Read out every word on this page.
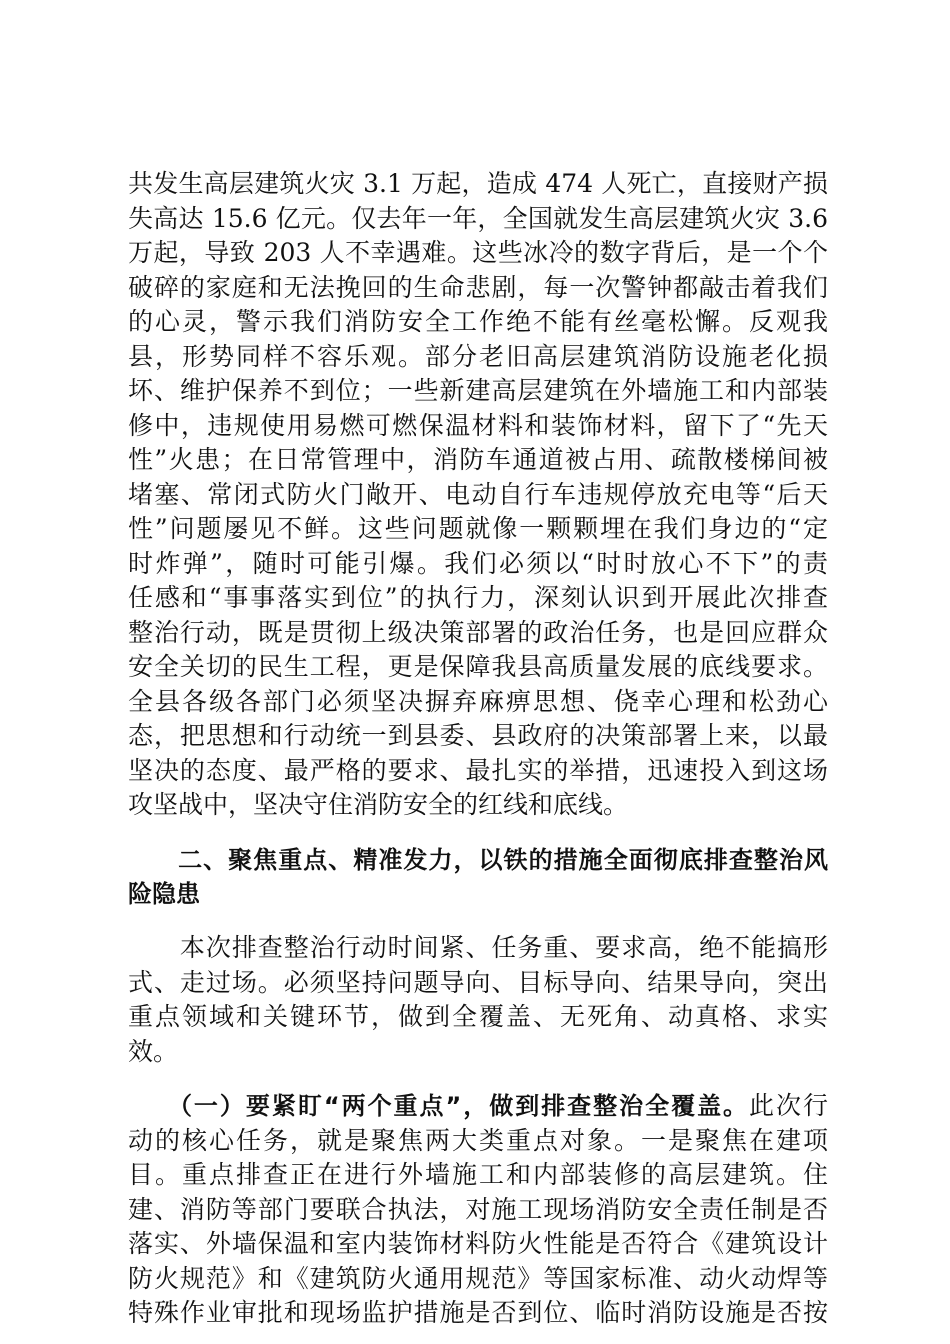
共发生高层建筑火灾 3.1 万起，造成 474 人死亡，直接财产损
失高达 15.6 亿元。仅去年一年，全国就发生高层建筑火灾 3.6
万起，导致 203 人不幸遇难。这些冰冷的数字背后，是一个个
破碎的家庭和无法挽回的生命悲剧，每一次警钟都敲击着我们
的心灵，警示我们消防安全工作绝不能有丝毫松懈。反观我
县，形势同样不容乐观。部分老旧高层建筑消防设施老化损
坏、维护保养不到位；一些新建高层建筑在外墙施工和内部装
修中，违规使用易燃可燃保温材料和装饰材料，留下了“先天
性”火患；在日常管理中，消防车通道被占用、疏散楼梯间被
堵塞、常闭式防火门敞开、电动自行车违规停放充电等“后天
性”问题屡见不鲜。这些问题就像一颗颗埋在我们身边的“定
时炸弹”，随时可能引爆。我们必须以“时时放心不下”的责
任感和“事事落实到位”的执行力，深刻认识到开展此次排查
整治行动，既是贯彻上级决策部署的政治任务，也是回应群众
安全关切的民生工程，更是保障我县高质量发展的底线要求。
全县各级各部门必须坚决摒弃麻痹思想、侥幸心理和松劲心
态，把思想和行动统一到县委、县政府的决策部署上来，以最
坚决的态度、最严格的要求、最扎实的举措，迅速投入到这场
攻坚战中，坚决守住消防安全的红线和底线。
　　二、聚焦重点、精准发力，以铁的措施全面彻底排查整治风
险隐患
　　本次排查整治行动时间紧、任务重、要求高，绝不能搞形
式、走过场。必须坚持问题导向、目标导向、结果导向，突出
重点领域和关键环节，做到全覆盖、无死角、动真格、求实
效。
　　（一）要紧盯“两个重点”，做到排查整治全覆盖。此次行
动的核心任务，就是聚焦两大类重点对象。一是聚焦在建项
目。重点排查正在进行外墙施工和内部装修的高层建筑。住
建、消防等部门要联合执法，对施工现场消防安全责任制是否
落实、外墙保温和室内装饰材料防火性能是否符合《建筑设计
防火规范》和《建筑防火通用规范》等国家标准、动火动焊等
特殊作业审批和现场监护措施是否到位、临时消防设施是否按
